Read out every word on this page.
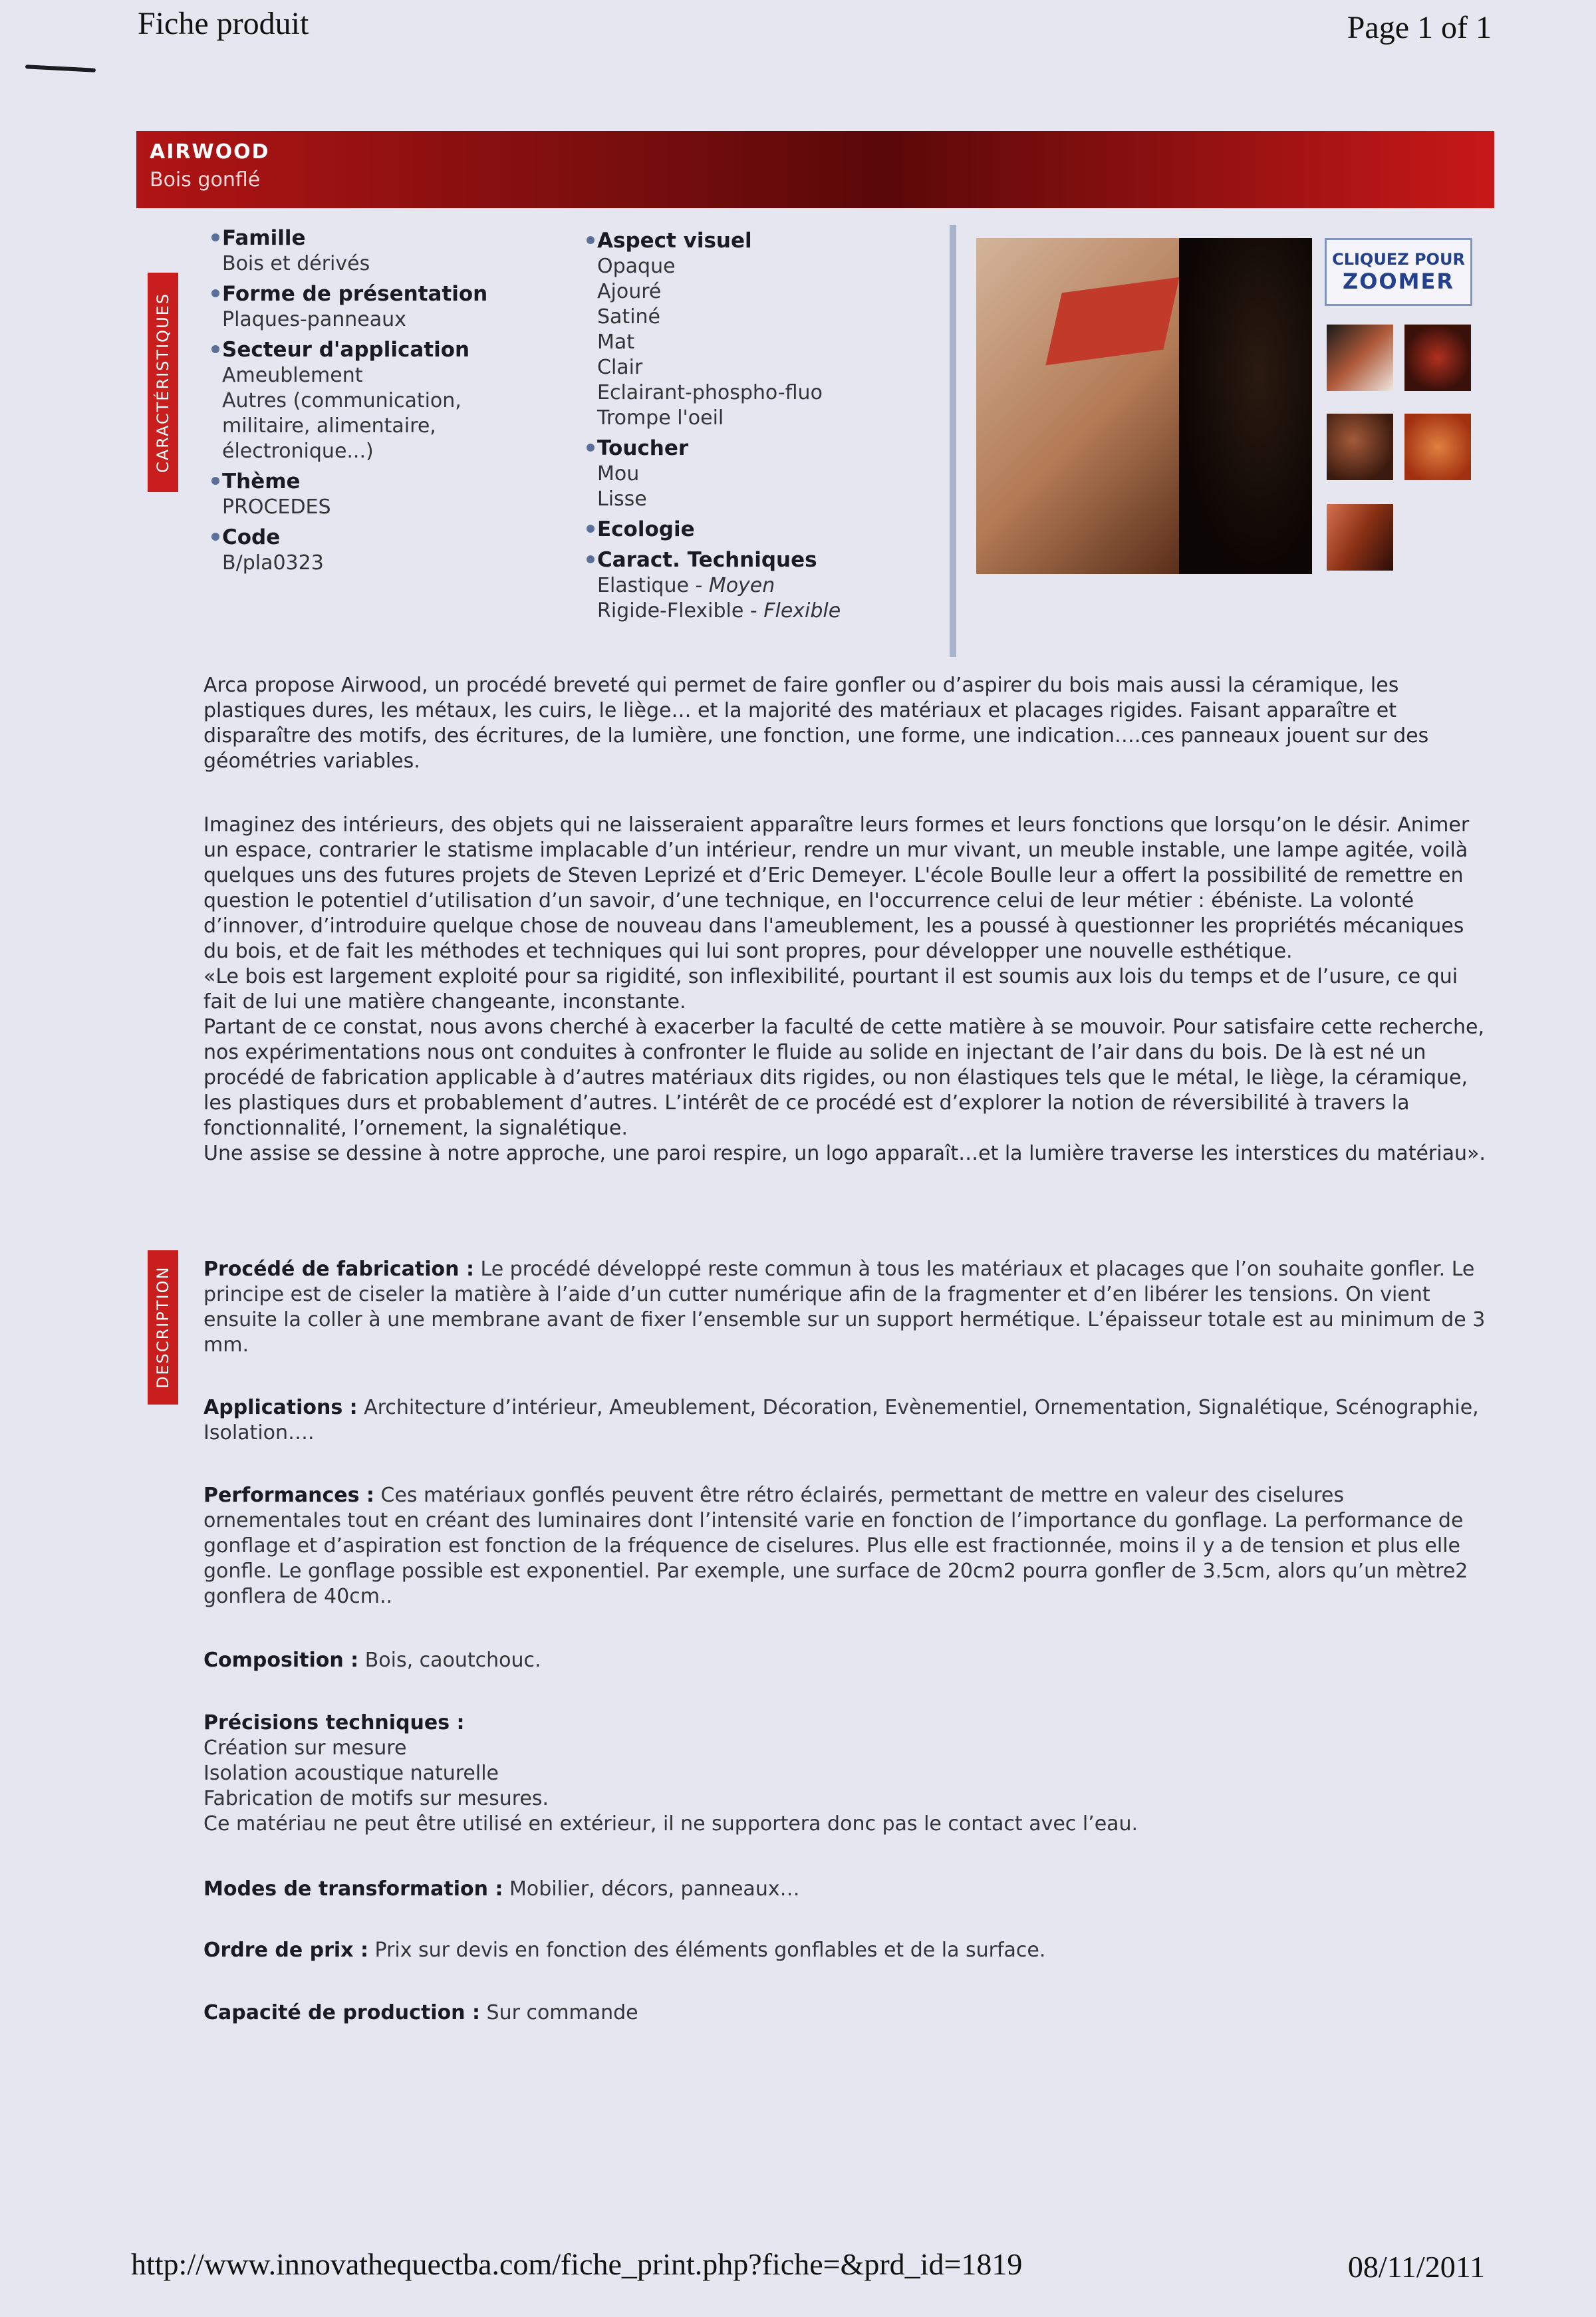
Fiche produit	Page 1 of 1
AIRWOOD
Bois gonflé
CARACTÉRISTIQUES
DESCRIPTION
Famille
Bois et dérivés
Forme de présentation
Plaques-panneaux
Secteur d'application
Ameublement
Autres (communication,
militaire, alimentaire,
électronique...)
Thème
PROCEDES
Code
B/pla0323
Aspect visuel
Opaque
Ajouré
Satiné
Mat
Clair
Eclairant-phospho-fluo
Trompe l'oeil
Toucher
Mou
Lisse
Ecologie
Caract. Techniques
Elastique - Moyen
Rigide-Flexible - Flexible
CLIQUEZ POUR
ZOOMER
Arca propose Airwood, un procédé breveté qui permet de faire gonfler ou d’aspirer du bois mais aussi la céramique, les plastiques dures, les métaux, les cuirs, le liège… et la majorité des matériaux et placages rigides. Faisant apparaître et disparaître des motifs, des écritures, de la lumière, une fonction, une forme, une indication….ces panneaux jouent sur des géométries variables.

Imaginez des intérieurs, des objets qui ne laisseraient apparaître leurs formes et leurs fonctions que lorsqu’on le désir. Animer un espace, contrarier le statisme implacable d’un intérieur, rendre un mur vivant, un meuble instable, une lampe agitée, voilà quelques uns des futures projets de Steven Leprizé et d’Eric Demeyer. L'école Boulle leur a offert la possibilité de remettre en question le potentiel d’utilisation d’un savoir, d’une technique, en l'occurrence celui de leur métier : ébéniste. La volonté d’innover, d’introduire quelque chose de nouveau dans l'ameublement, les a poussé à questionner les propriétés mécaniques du bois, et de fait les méthodes et techniques qui lui sont propres, pour développer une nouvelle esthétique.

«Le bois est largement exploité pour sa rigidité, son inflexibilité, pourtant il est soumis aux lois du temps et de l’usure, ce qui fait de lui une matière changeante, inconstante.

Partant de ce constat, nous avons cherché à exacerber la faculté de cette matière à se mouvoir. Pour satisfaire cette recherche, nos expérimentations nous ont conduites à confronter le fluide au solide en injectant de l’air dans du bois. De là est né un procédé de fabrication applicable à d’autres matériaux dits rigides, ou non élastiques tels que le métal, le liège, la céramique, les plastiques durs et probablement d’autres. L’intérêt de ce procédé est d’explorer la notion de réversibilité à travers la fonctionnalité, l’ornement, la signalétique.

Une assise se dessine à notre approche, une paroi respire, un logo apparaît…et la lumière traverse les interstices du matériau».

Procédé de fabrication : Le procédé développé reste commun à tous les matériaux et placages que l’on souhaite gonfler. Le principe est de ciseler la matière à l’aide d’un cutter numérique afin de la fragmenter et d’en libérer les tensions. On vient ensuite la coller à une membrane avant de fixer l’ensemble sur un support hermétique. L’épaisseur totale est au minimum de 3 mm.
Applications : Architecture d’intérieur, Ameublement, Décoration, Evènementiel, Ornementation, Signalétique, Scénographie, Isolation….
Performances : Ces matériaux gonflés peuvent être rétro éclairés, permettant de mettre en valeur des ciselures ornementales tout en créant des luminaires dont l’intensité varie en fonction de l’importance du gonflage. La performance de gonflage et d’aspiration est fonction de la fréquence de ciselures. Plus elle est fractionnée, moins il y a de tension et plus elle gonfle. Le gonflage possible est exponentiel. Par exemple, une surface de 20cm2 pourra gonfler de 3.5cm, alors qu’un mètre2 gonflera de 40cm..
Composition : Bois, caoutchouc.
Précisions techniques :
Création sur mesure
Isolation acoustique naturelle
Fabrication de motifs sur mesures.
Ce matériau ne peut être utilisé en extérieur, il ne supportera donc pas le contact avec l’eau.
Modes de transformation : Mobilier, décors, panneaux…
Ordre de prix : Prix sur devis en fonction des éléments gonflables et de la surface.
Capacité de production : Sur commande
http://www.innovathequectba.com/fiche_print.php?fiche=&prd_id=1819	08/11/2011
